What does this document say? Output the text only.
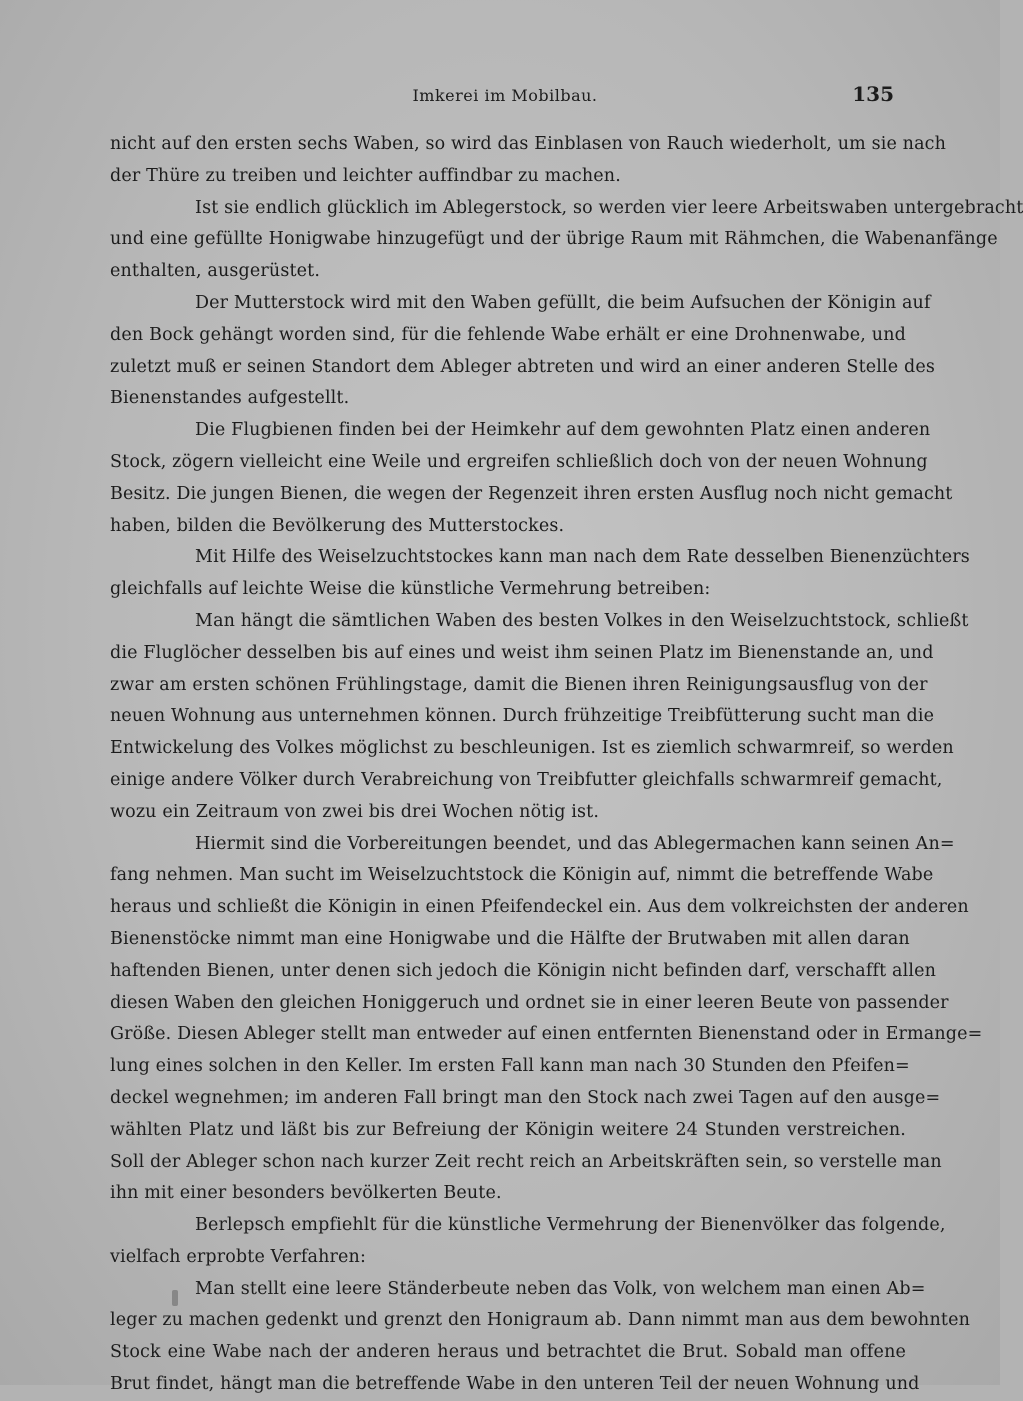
Imkerei im Mobilbau.	135
nicht auf den ersten sechs Waben, so wird das Einblasen von Rauch wiederholt, um sie nach
der Thüre zu treiben und leichter auffindbar zu machen.
Ist sie endlich glücklich im Ablegerstock, so werden vier leere Arbeitswaben untergebracht
und eine gefüllte Honigwabe hinzugefügt und der übrige Raum mit Rähmchen, die Wabenanfänge
enthalten, ausgerüstet.
Der Mutterstock wird mit den Waben gefüllt, die beim Aufsuchen der Königin auf
den Bock gehängt worden sind, für die fehlende Wabe erhält er eine Drohnenwabe, und
zuletzt muß er seinen Standort dem Ableger abtreten und wird an einer anderen Stelle des
Bienenstandes aufgestellt.
Die Flugbienen finden bei der Heimkehr auf dem gewohnten Platz einen anderen
Stock, zögern vielleicht eine Weile und ergreifen schließlich doch von der neuen Wohnung
Besitz. Die jungen Bienen, die wegen der Regenzeit ihren ersten Ausflug noch nicht gemacht
haben, bilden die Bevölkerung des Mutterstockes.
Mit Hilfe des Weiselzuchtstockes kann man nach dem Rate desselben Bienenzüchters
gleichfalls auf leichte Weise die künstliche Vermehrung betreiben:
Man hängt die sämtlichen Waben des besten Volkes in den Weiselzuchtstock, schließt
die Fluglöcher desselben bis auf eines und weist ihm seinen Platz im Bienenstande an, und
zwar am ersten schönen Frühlingstage, damit die Bienen ihren Reinigungsausflug von der
neuen Wohnung aus unternehmen können. Durch frühzeitige Treibfütterung sucht man die
Entwickelung des Volkes möglichst zu beschleunigen. Ist es ziemlich schwarmreif, so werden
einige andere Völker durch Verabreichung von Treibfutter gleichfalls schwarmreif gemacht,
wozu ein Zeitraum von zwei bis drei Wochen nötig ist.
Hiermit sind die Vorbereitungen beendet, und das Ablegermachen kann seinen An=
fang nehmen. Man sucht im Weiselzuchtstock die Königin auf, nimmt die betreffende Wabe
heraus und schließt die Königin in einen Pfeifendeckel ein. Aus dem volkreichsten der anderen
Bienenstöcke nimmt man eine Honigwabe und die Hälfte der Brutwaben mit allen daran
haftenden Bienen, unter denen sich jedoch die Königin nicht befinden darf, verschafft allen
diesen Waben den gleichen Honiggeruch und ordnet sie in einer leeren Beute von passender
Größe. Diesen Ableger stellt man entweder auf einen entfernten Bienenstand oder in Ermange=
lung eines solchen in den Keller. Im ersten Fall kann man nach 30 Stunden den Pfeifen=
deckel wegnehmen; im anderen Fall bringt man den Stock nach zwei Tagen auf den ausge=
wählten Platz und läßt bis zur Befreiung der Königin weitere 24 Stunden verstreichen.
Soll der Ableger schon nach kurzer Zeit recht reich an Arbeitskräften sein, so verstelle man
ihn mit einer besonders bevölkerten Beute.
Berlepsch empfiehlt für die künstliche Vermehrung der Bienenvölker das folgende,
vielfach erprobte Verfahren:
Man stellt eine leere Ständerbeute neben das Volk, von welchem man einen Ab=
leger zu machen gedenkt und grenzt den Honigraum ab. Dann nimmt man aus dem bewohnten
Stock eine Wabe nach der anderen heraus und betrachtet die Brut. Sobald man offene
Brut findet, hängt man die betreffende Wabe in den unteren Teil der neuen Wohnung und
